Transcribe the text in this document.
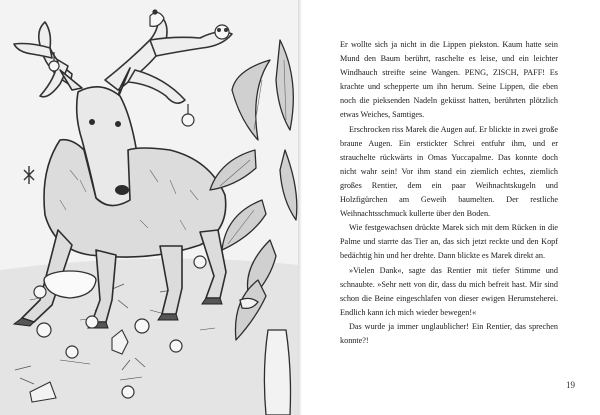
Er wollte sich ja nicht in die Lippen piekston. Kaum hatte sein Mund den Baum berührt, raschelte es leise, und ein leichter Windhauch streifte seine Wangen. PENG, ZISCH, PAFF! Es krachte und schepperte um ihn herum. Seine Lippen, die eben noch die pieksenden Nadeln geküsst hatten, berührten plötzlich etwas Weiches, Samtiges.

Erschrocken riss Marek die Augen auf. Er blickte in zwei große braune Augen. Ein erstickter Schrei entfuhr ihm, und er strauchelte rückwärts in Omas Yuccapalme. Das konnte doch nicht wahr sein! Vor ihm stand ein ziemlich echtes, ziemlich großes Rentier, dem ein paar Weihnachtskugeln und Holzfigürchen am Geweih baumelten. Der restliche Weihnachtsschmuck kullerte über den Boden.

Wie festgewachsen drückte Marek sich mit dem Rücken in die Palme und starrte das Tier an, das sich jetzt reckte und den Kopf bedächtig hin und her drehte. Dann blickte es Marek direkt an.

»Vielen Dank«, sagte das Rentier mit tiefer Stimme und schnaubte. »Sehr nett von dir, dass du mich befreit hast. Mir sind schon die Beine eingeschlafen von dieser ewigen Herumsteherei. Endlich kann ich mich wieder bewegen!«

Das wurde ja immer unglaublicher! Ein Rentier, das sprechen konnte?!

19
